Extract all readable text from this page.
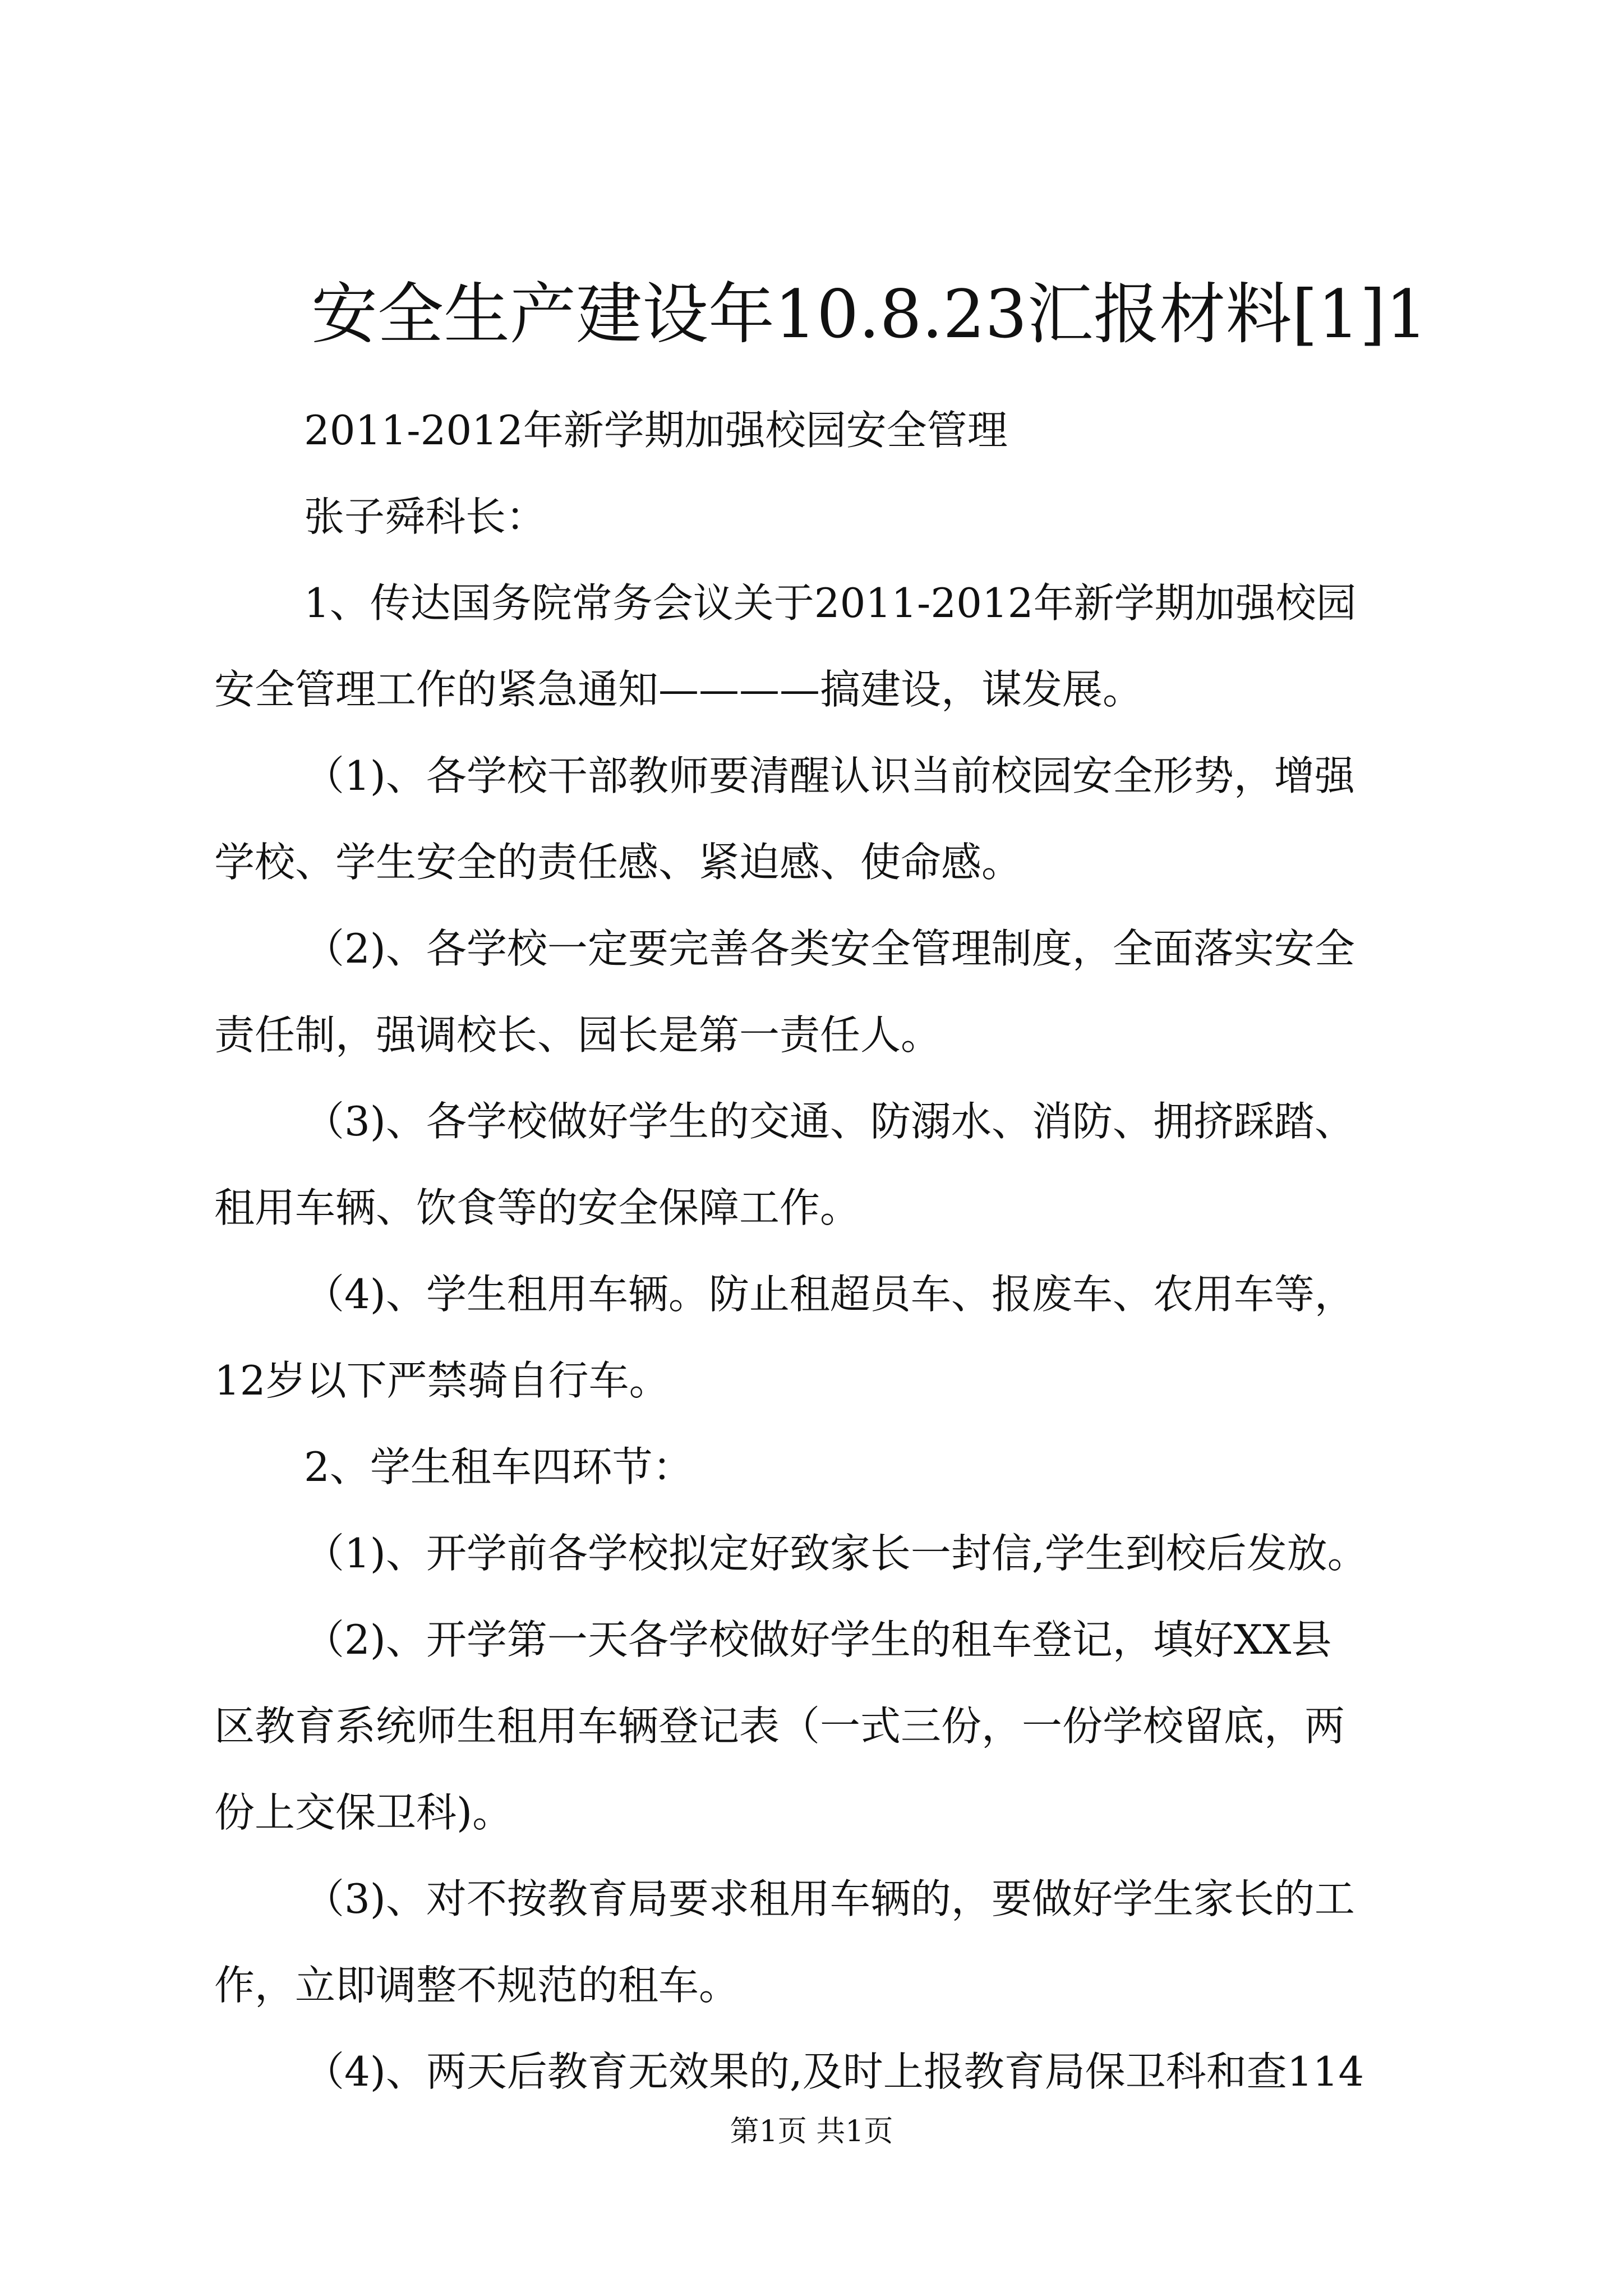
安全生产建设年10.8.23汇报材料[1]1
2011-2012年新学期加强校园安全管理
张子舜科长：
1、传达国务院常务会议关于2011-2012年新学期加强校园
安全管理工作的紧急通知————搞建设，谋发展。
（1)、各学校干部教师要清醒认识当前校园安全形势，增强
学校、学生安全的责任感、紧迫感、使命感。
（2)、各学校一定要完善各类安全管理制度，全面落实安全
责任制，强调校长、园长是第一责任人。
（3)、各学校做好学生的交通、防溺水、消防、拥挤踩踏、
租用车辆、饮食等的安全保障工作。
（4)、学生租用车辆。防止租超员车、报废车、农用车等，
12岁以下严禁骑自行车。
2、学生租车四环节：
（1)、开学前各学校拟定好致家长一封信,学生到校后发放。
（2)、开学第一天各学校做好学生的租车登记，填好XX县
区教育系统师生租用车辆登记表（一式三份，一份学校留底，两
份上交保卫科)。
（3)、对不按教育局要求租用车辆的，要做好学生家长的工
作，立即调整不规范的租车。
（4)、两天后教育无效果的,及时上报教育局保卫科和查114
第1页 共1页
